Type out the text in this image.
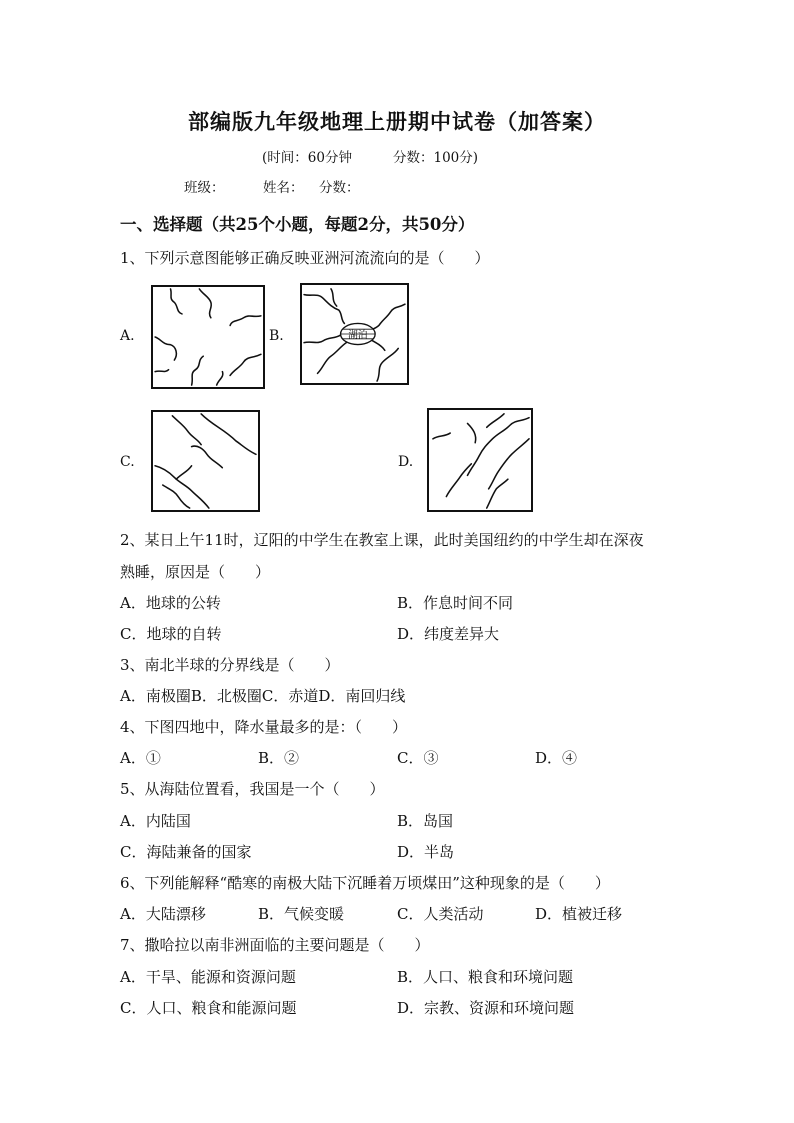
部编版九年级地理上册期中试卷（加答案）
(时间：60分钟	分数：100分)
班级：	姓名： 分数：
一、选择题（共25个小题，每题2分，共50分）
1、下列示意图能够正确反映亚洲河流流向的是（　　）
A.	B.	湖泊
C.	D.
2、某日上午11时，辽阳的中学生在教室上课，此时美国纽约的中学生却在深夜
熟睡，原因是（　　）
A．地球的公转	B．作息时间不同
C．地球的自转	D．纬度差异大
3、南北半球的分界线是（　　）
A．南极圈B．北极圈C．赤道D．南回归线
4、下图四地中，降水量最多的是：（　　）
A．①	B．②	C．③	D．④
5、从海陆位置看，我国是一个（　　）
A．内陆国	B．岛国
C．海陆兼备的国家	D．半岛
6、下列能解释“酷寒的南极大陆下沉睡着万顷煤田”这种现象的是（　　）
A．大陆漂移	B．气候变暖	C．人类活动	D．植被迁移
7、撒哈拉以南非洲面临的主要问题是（　　）
A．干旱、能源和资源问题	B．人口、粮食和环境问题
C．人口、粮食和能源问题	D．宗教、资源和环境问题
